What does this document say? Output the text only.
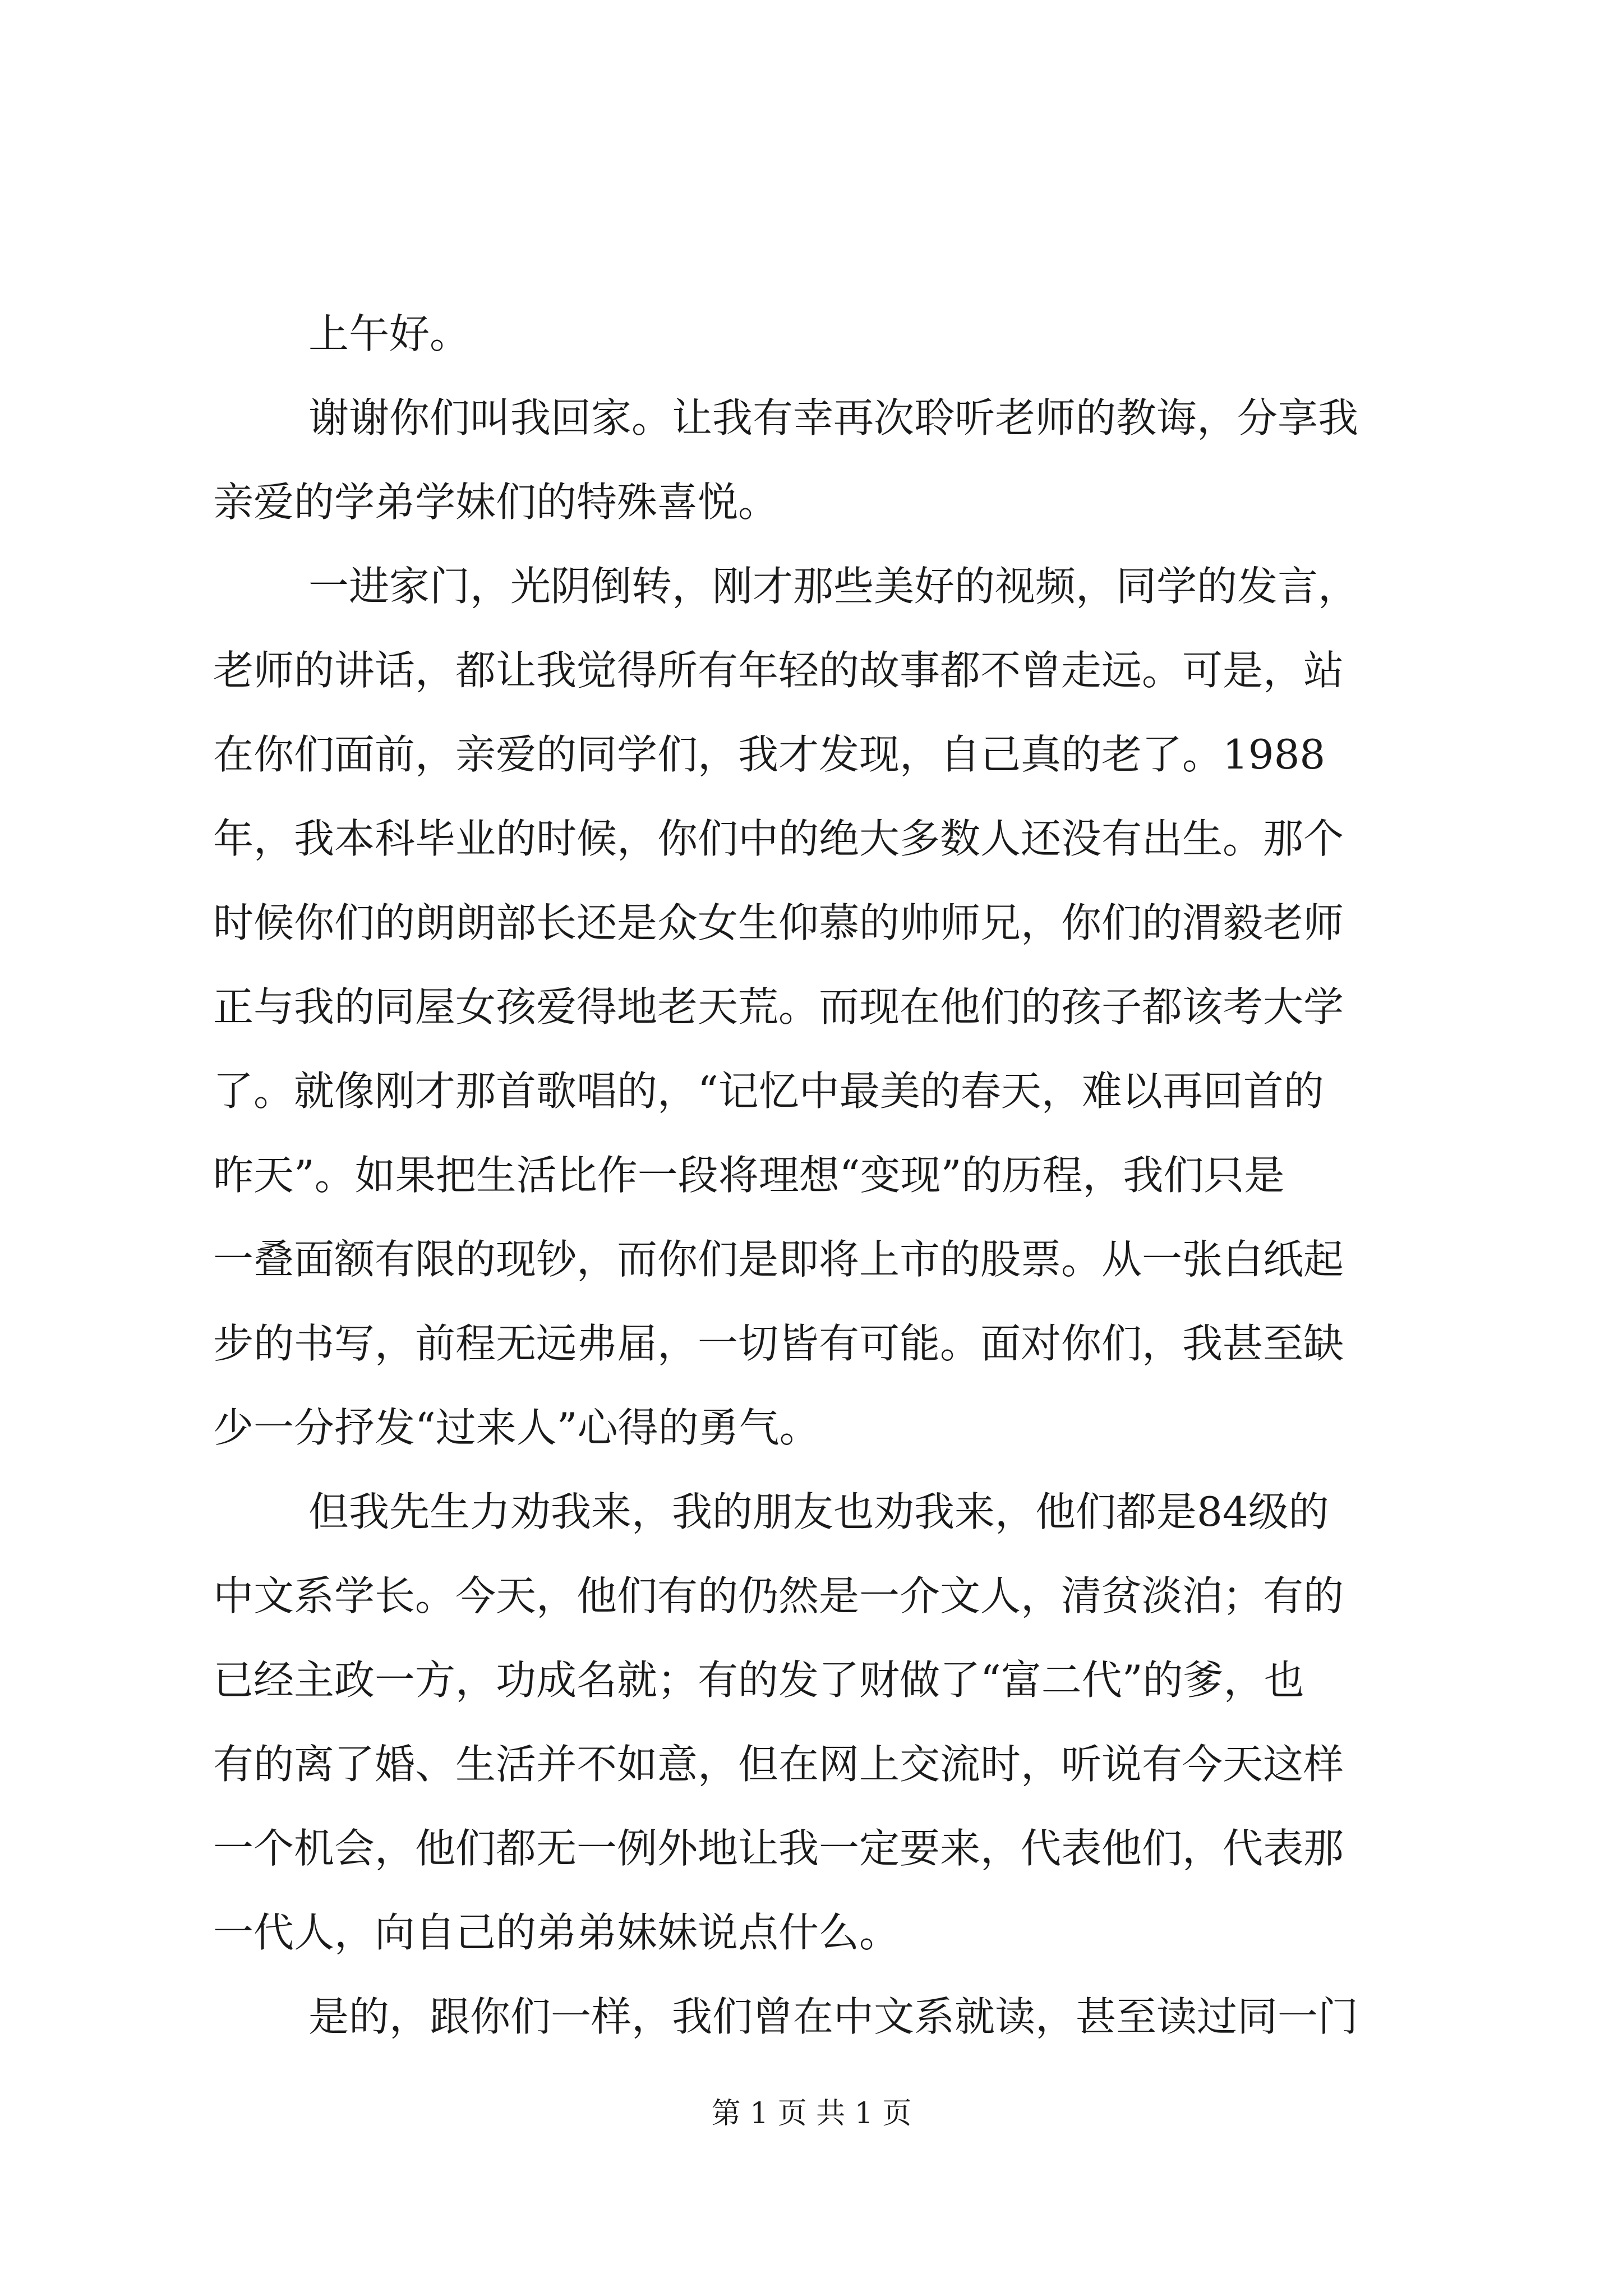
上午好。
谢谢你们叫我回家。让我有幸再次聆听老师的教诲，分享我
亲爱的学弟学妹们的特殊喜悦。
一进家门，光阴倒转，刚才那些美好的视频，同学的发言，
老师的讲话，都让我觉得所有年轻的故事都不曾走远。可是，站
在你们面前，亲爱的同学们，我才发现，自己真的老了。1988
年，我本科毕业的时候，你们中的绝大多数人还没有出生。那个
时候你们的朗朗部长还是众女生仰慕的帅师兄，你们的渭毅老师
正与我的同屋女孩爱得地老天荒。而现在他们的孩子都该考大学
了。就像刚才那首歌唱的，“记忆中最美的春天，难以再回首的
昨天”。如果把生活比作一段将理想“变现”的历程，我们只是
一叠面额有限的现钞，而你们是即将上市的股票。从一张白纸起
步的书写，前程无远弗届，一切皆有可能。面对你们，我甚至缺
少一分抒发“过来人”心得的勇气。
但我先生力劝我来，我的朋友也劝我来，他们都是84级的
中文系学长。今天，他们有的仍然是一介文人，清贫淡泊；有的
已经主政一方，功成名就；有的发了财做了“富二代”的爹，也
有的离了婚、生活并不如意，但在网上交流时，听说有今天这样
一个机会，他们都无一例外地让我一定要来，代表他们，代表那
一代人，向自己的弟弟妹妹说点什么。
是的，跟你们一样，我们曾在中文系就读，甚至读过同一门
第 1 页 共 1 页
